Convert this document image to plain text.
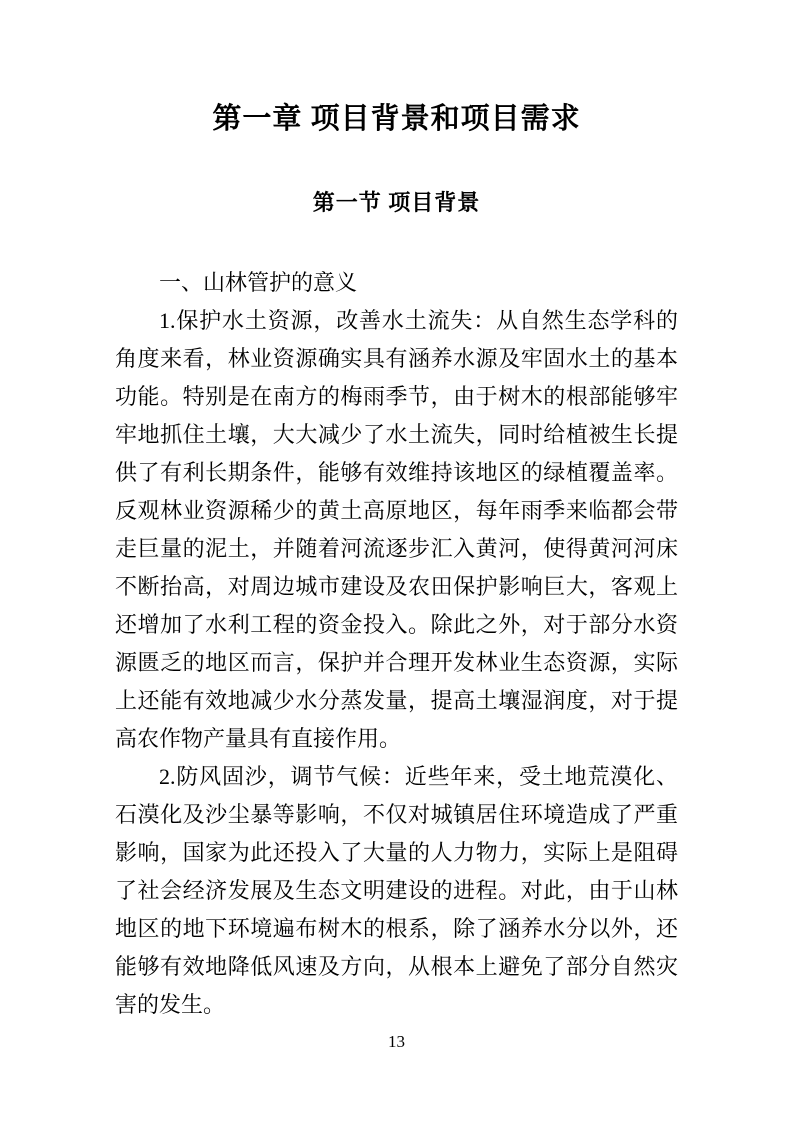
第一章 项目背景和项目需求
第一节 项目背景

一、山林管护的意义

1.保护水土资源，改善水土流失：从自然生态学科的角度来看，林业资源确实具有涵养水源及牢固水土的基本功能。特别是在南方的梅雨季节，由于树木的根部能够牢牢地抓住土壤，大大减少了水土流失，同时给植被生长提供了有利长期条件，能够有效维持该地区的绿植覆盖率。反观林业资源稀少的黄土高原地区，每年雨季来临都会带走巨量的泥土，并随着河流逐步汇入黄河，使得黄河河床不断抬高，对周边城市建设及农田保护影响巨大，客观上还增加了水利工程的资金投入。除此之外，对于部分水资源匮乏的地区而言，保护并合理开发林业生态资源，实际上还能有效地减少水分蒸发量，提高土壤湿润度，对于提高农作物产量具有直接作用。

2.防风固沙，调节气候：近些年来，受土地荒漠化、石漠化及沙尘暴等影响，不仅对城镇居住环境造成了严重影响，国家为此还投入了大量的人力物力，实际上是阻碍了社会经济发展及生态文明建设的进程。对此，由于山林地区的地下环境遍布树木的根系，除了涵养水分以外，还能够有效地降低风速及方向，从根本上避免了部分自然灾害的发生。

13
